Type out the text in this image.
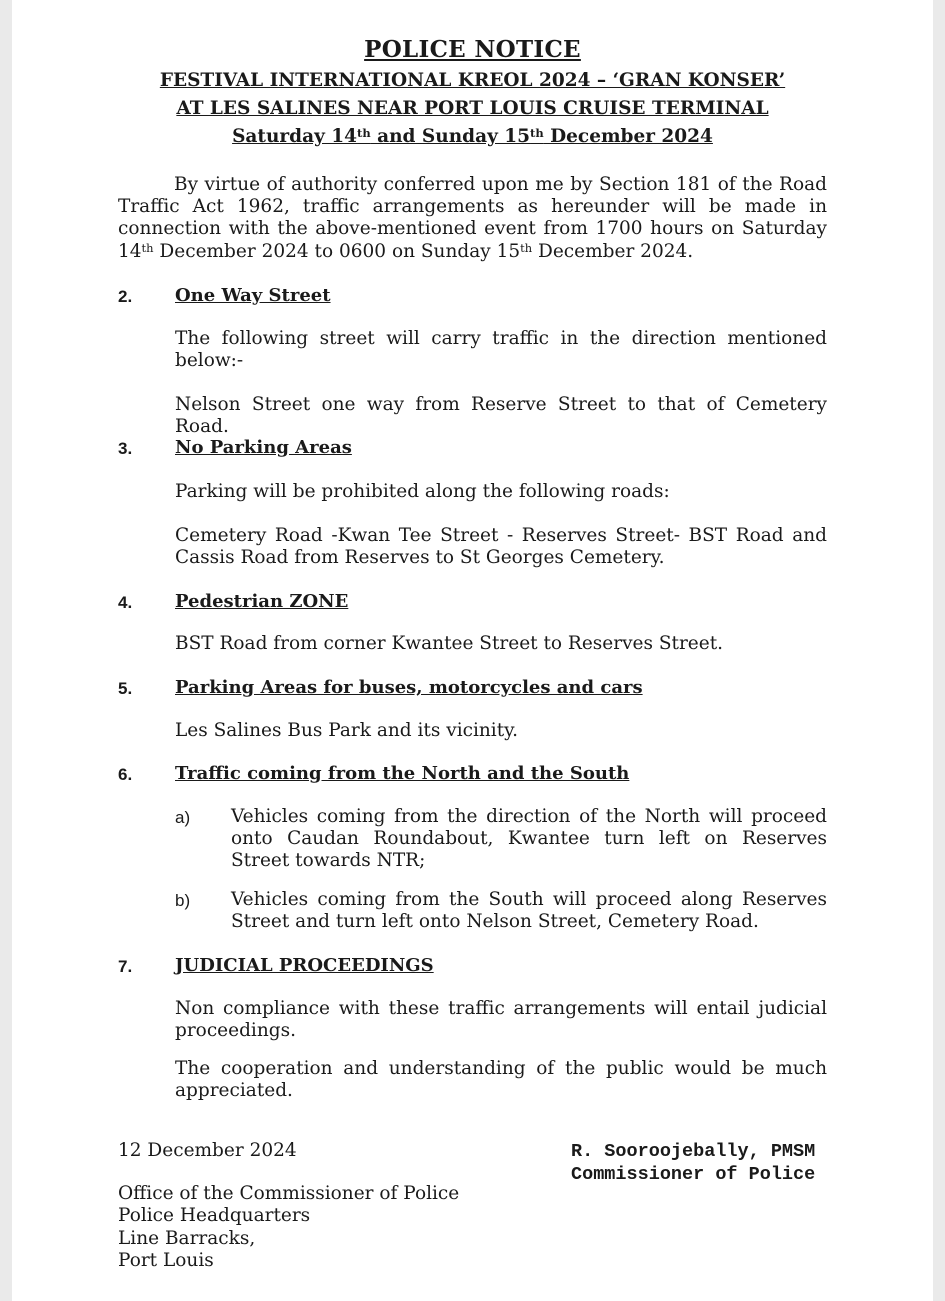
POLICE NOTICE
FESTIVAL INTERNATIONAL KREOL 2024 – ‘GRAN KONSER’
AT LES SALINES NEAR PORT LOUIS CRUISE TERMINAL
Saturday 14th and Sunday 15th December 2024
By virtue of authority conferred upon me by Section 181 of the Road Traffic Act 1962, traffic arrangements as hereunder will be made in connection with the above-mentioned event from 1700 hours on Saturday 14th December 2024 to 0600 on Sunday 15th December 2024.
2. One Way Street
The following street will carry traffic in the direction mentioned below:-
Nelson Street one way from Reserve Street to that of Cemetery Road.
3. No Parking Areas
Parking will be prohibited along the following roads:
Cemetery Road -Kwan Tee Street - Reserves Street- BST Road and Cassis Road from Reserves to St Georges Cemetery.
4. Pedestrian ZONE
BST Road from corner Kwantee Street to Reserves Street.
5. Parking Areas for buses, motorcycles and cars
Les Salines Bus Park and its vicinity.
6. Traffic coming from the North and the South
a) Vehicles coming from the direction of the North will proceed onto Caudan Roundabout, Kwantee turn left on Reserves Street towards NTR;
b) Vehicles coming from the South will proceed along Reserves Street and turn left onto Nelson Street, Cemetery Road.
7. JUDICIAL PROCEEDINGS
Non compliance with these traffic arrangements will entail judicial proceedings.
The cooperation and understanding of the public would be much appreciated.
12 December 2024	R. Sooroojebally, PMSM
Commissioner of Police
Office of the Commissioner of Police
Police Headquarters
Line Barracks,
Port Louis
